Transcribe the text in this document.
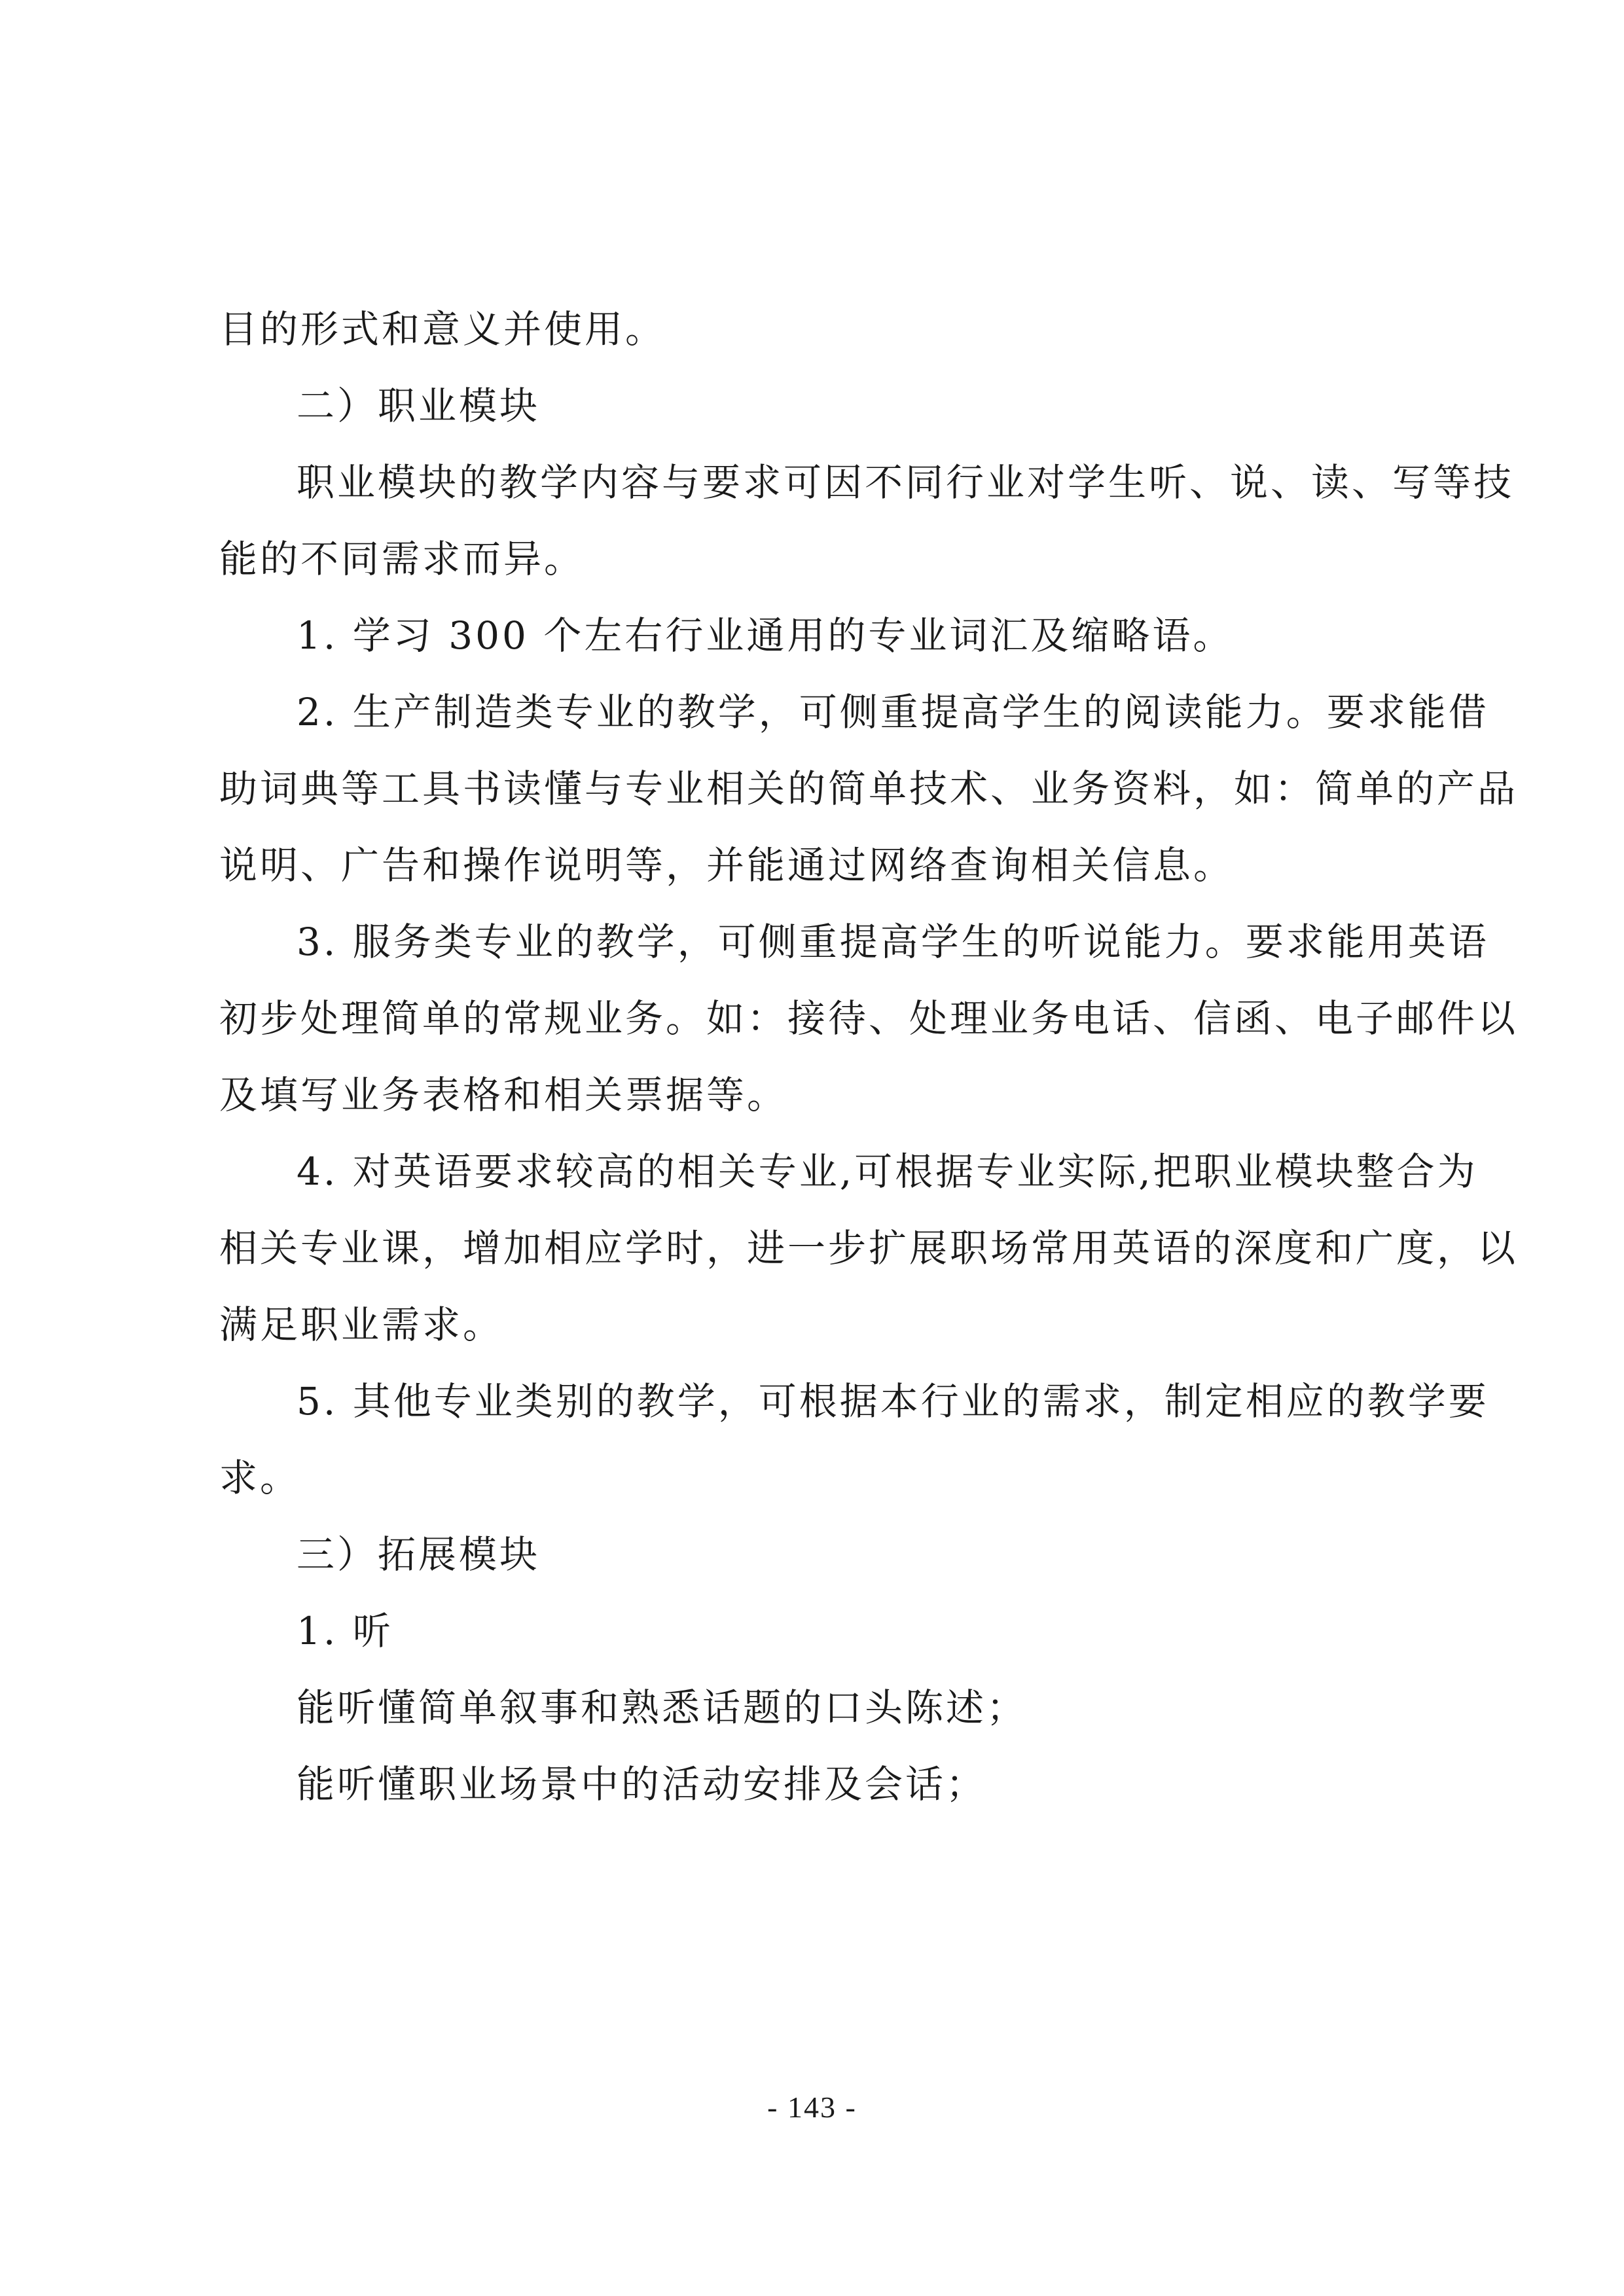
目的形式和意义并使用。
二）职业模块
职业模块的教学内容与要求可因不同行业对学生听、说、读、写等技
能的不同需求而异。
1. 学习 300 个左右行业通用的专业词汇及缩略语。
2. 生产制造类专业的教学，可侧重提高学生的阅读能力。要求能借
助词典等工具书读懂与专业相关的简单技术、业务资料，如：简单的产品
说明、广告和操作说明等，并能通过网络查询相关信息。
3. 服务类专业的教学，可侧重提高学生的听说能力。要求能用英语
初步处理简单的常规业务。如：接待、处理业务电话、信函、电子邮件以
及填写业务表格和相关票据等。
4. 对英语要求较高的相关专业,可根据专业实际,把职业模块整合为
相关专业课，增加相应学时，进一步扩展职场常用英语的深度和广度，以
满足职业需求。
5. 其他专业类别的教学，可根据本行业的需求，制定相应的教学要
求。
三）拓展模块
1. 听
能听懂简单叙事和熟悉话题的口头陈述；
能听懂职业场景中的活动安排及会话；
- 143 -
